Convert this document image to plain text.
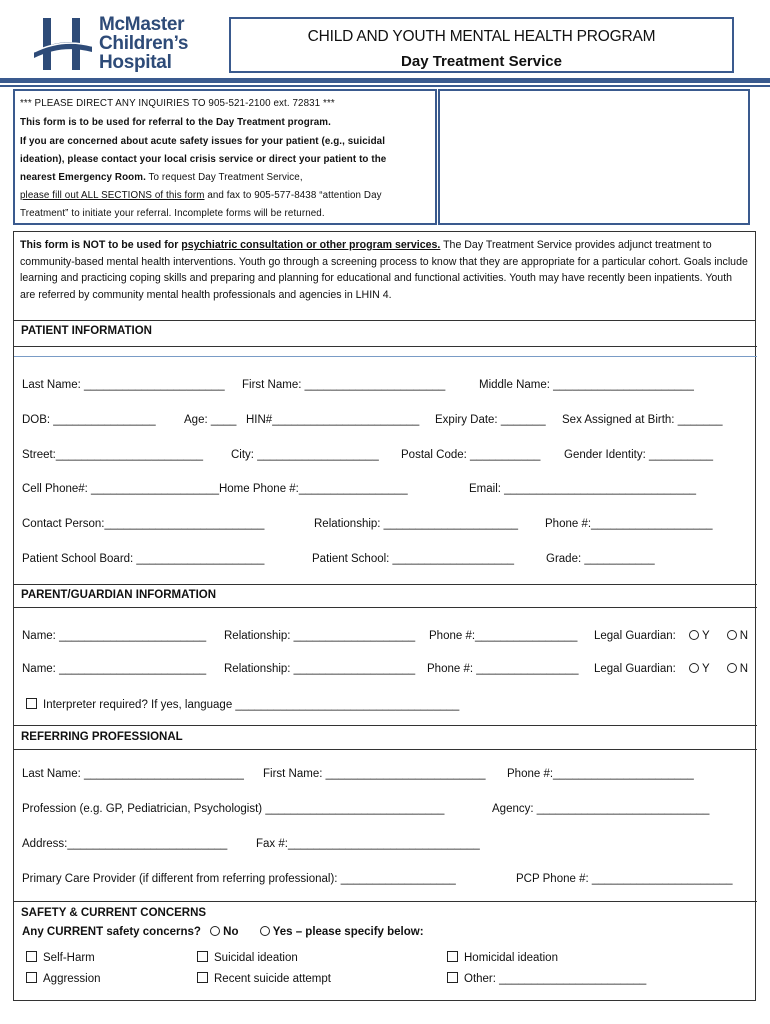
McMaster
Children’s
Hospital
CHILD AND YOUTH MENTAL HEALTH PROGRAM
Day Treatment Service
*** PLEASE DIRECT ANY INQUIRIES TO 905-521-2100 ext. 72831 ***
This form is to be used for referral to the Day Treatment program.
If you are concerned about acute safety issues for your patient (e.g., suicidal
ideation), please contact your local crisis service or direct your patient to the
nearest Emergency Room. To request Day Treatment Service,
please fill out ALL SECTIONS of this form and fax to 905-577-8438 “attention Day
Treatment” to initiate your referral. Incomplete forms will be returned.
This form is NOT to be used for psychiatric consultation or other program services. The Day Treatment Service provides adjunct treatment to community-based mental health interventions. Youth go through a screening process to know that they are appropriate for a particular cohort. Goals include learning and practicing coping skills and preparing and planning for educational and functional activities. Youth may have recently been inpatients. Youth are referred by community mental health professionals and agencies in LHIN 4.
PATIENT INFORMATION
Last Name: ______________________ First Name: ______________________	Middle Name: ______________________
DOB: ________________ Age: ____ HIN#_______________________ Expiry Date: _______ Sex Assigned at Birth: _______
Street:_______________________ City: ___________________ Postal Code: ___________ Gender Identity: __________
Cell Phone#: ____________________Home Phone #:_________________	Email: ______________________________
Contact Person:_________________________	Relationship: _____________________ Phone #:___________________
Patient School Board: ____________________	Patient School: ___________________	Grade: ___________
PARENT/GUARDIAN INFORMATION
Name: _______________________ Relationship: ___________________ Phone #:________________ Legal Guardian: Y	N
Name: _______________________ Relationship: ___________________ Phone #: ________________ Legal Guardian: Y	N
Interpreter required? If yes, language ___________________________________
REFERRING PROFESSIONAL
Last Name: _________________________ First Name: _________________________ Phone #:______________________
Profession (e.g. GP, Pediatrician, Psychologist) ____________________________	Agency: ___________________________
Address:_________________________ Fax #:______________________________
Primary Care Provider (if different from referring professional): __________________	PCP Phone #: ______________________
SAFETY & CURRENT CONCERNS
Any CURRENT safety concerns? No	Yes – please specify below:
Self-Harm
Aggression
Suicidal ideation
Recent suicide attempt
Homicidal ideation
Other: _______________________
